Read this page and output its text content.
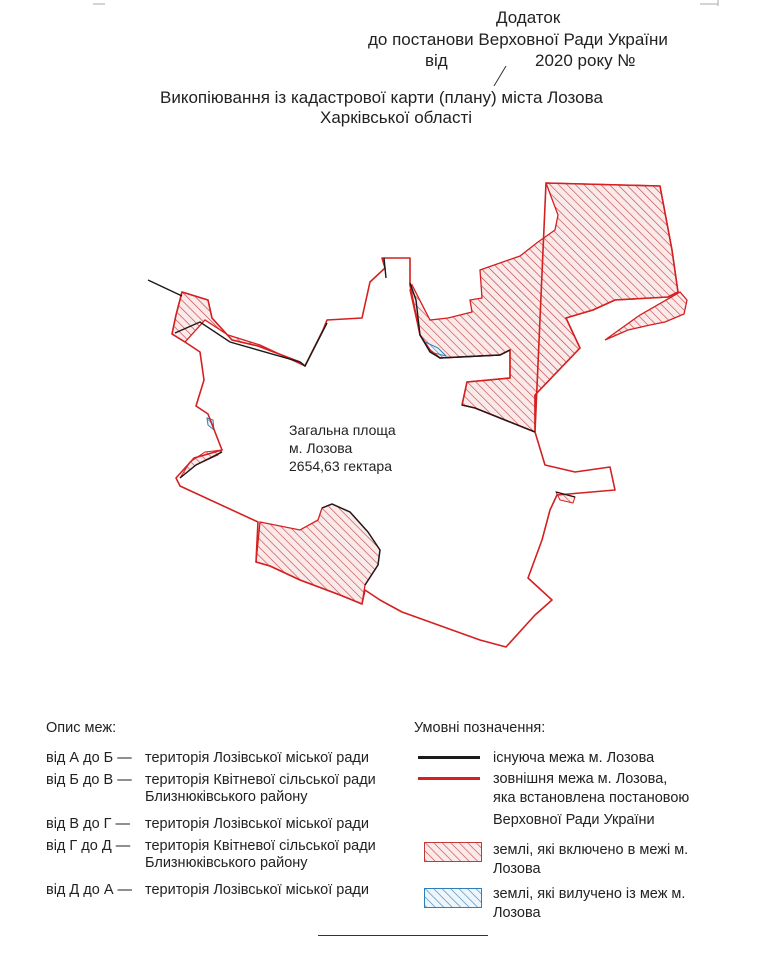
Додаток
до постанови Верховної Ради України
від	2020 року №
Викопіювання із кадастрової карти (плану) міста Лозова
Харківської області
Загальна площа
м. Лозова
2654,63 гектара
Опис меж:
від А до Б — територія Лозівської міської ради
від Б до В — територія Квітневої сільської ради
Близнюківського району
від В до Г — територія Лозівської міської ради
від Г до Д — територія Квітневої сільської ради
Близнюківського району
від Д до А — територія Лозівської міської ради
Умовні позначення:
існуюча межа м. Лозова
зовнішня межа м. Лозова,
яка встановлена постановою
Верховної Ради України
землі, які включено в межі м.
Лозова
землі, які вилучено із меж м.
Лозова
